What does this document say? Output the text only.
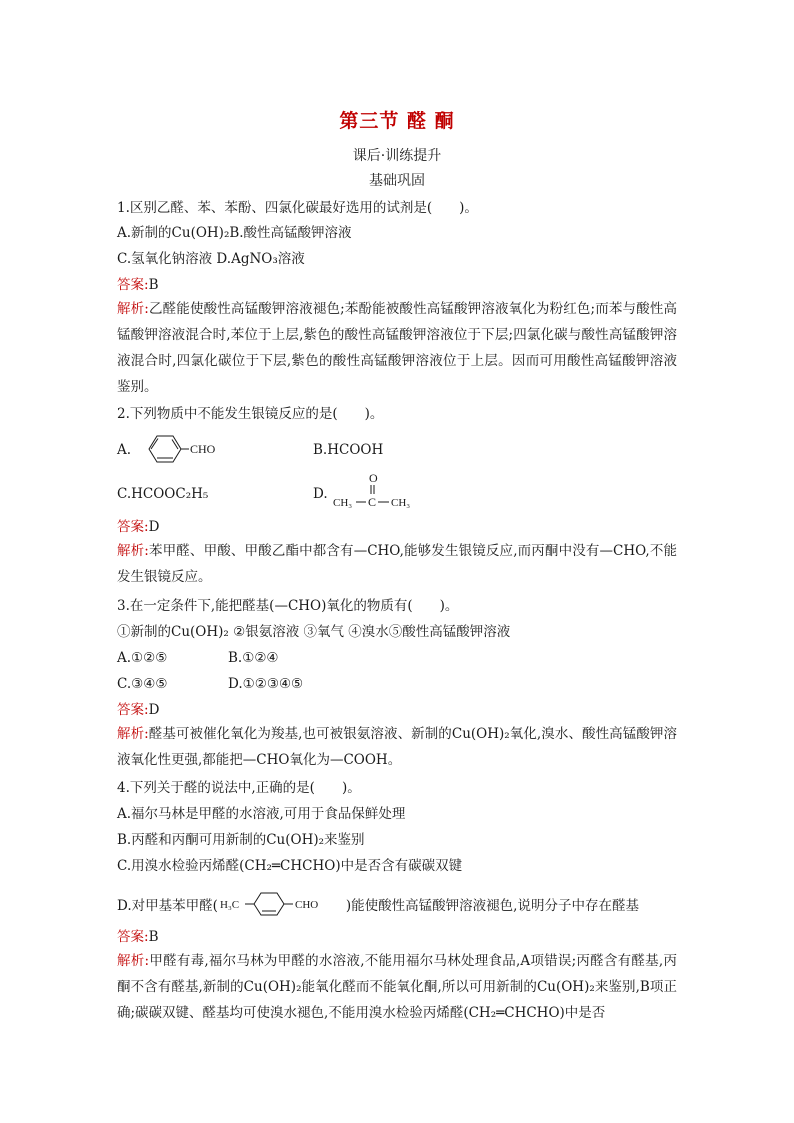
第三节 醛 酮
课后·训练提升
基础巩固
1.区别乙醛、苯、苯酚、四氯化碳最好选用的试剂是(　　)。
A.新制的Cu(OH)₂B.酸性高锰酸钾溶液
C.氢氧化钠溶液 D.AgNO₃溶液
答案:B
解析:乙醛能使酸性高锰酸钾溶液褪色;苯酚能被酸性高锰酸钾溶液氧化为粉红色;而苯与酸性高锰酸钾溶液混合时,苯位于上层,紫色的酸性高锰酸钾溶液位于下层;四氯化碳与酸性高锰酸钾溶液混合时,四氯化碳位于下层,紫色的酸性高锰酸钾溶液位于上层。因而可用酸性高锰酸钾溶液鉴别。
2.下列物质中不能发生银镜反应的是(　　)。
A.	CHO	B.HCOOH
C.HCOOC₂H₅	D.
O
CH₃ C CH₃
答案:D
解析:苯甲醛、甲酸、甲酸乙酯中都含有—CHO,能够发生银镜反应,而丙酮中没有—CHO,不能发生银镜反应。
3.在一定条件下,能把醛基(—CHO)氧化的物质有(　　)。
①新制的Cu(OH)₂ ②银氨溶液 ③氧气 ④溴水⑤酸性高锰酸钾溶液
A.①②⑤	B.①②④
C.③④⑤	D.①②③④⑤
答案:D
解析:醛基可被催化氧化为羧基,也可被银氨溶液、新制的Cu(OH)₂氧化,溴水、酸性高锰酸钾溶液氧化性更强,都能把—CHO氧化为—COOH。
4.下列关于醛的说法中,正确的是(　　)。
A.福尔马林是甲醛的水溶液,可用于食品保鲜处理
B.丙醛和丙酮可用新制的Cu(OH)₂来鉴别
C.用溴水检验丙烯醛(CH₂═CHCHO)中是否含有碳碳双键
D.对甲基苯甲醛( H₃C	CHO )能使酸性高锰酸钾溶液褪色,说明分子中存在醛基
答案:B
解析:甲醛有毒,福尔马林为甲醛的水溶液,不能用福尔马林处理食品,A项错误;丙醛含有醛基,丙酮不含有醛基,新制的Cu(OH)₂能氧化醛而不能氧化酮,所以可用新制的Cu(OH)₂来鉴别,B项正确;碳碳双键、醛基均可使溴水褪色,不能用溴水检验丙烯醛(CH₂═CHCHO)中是否
